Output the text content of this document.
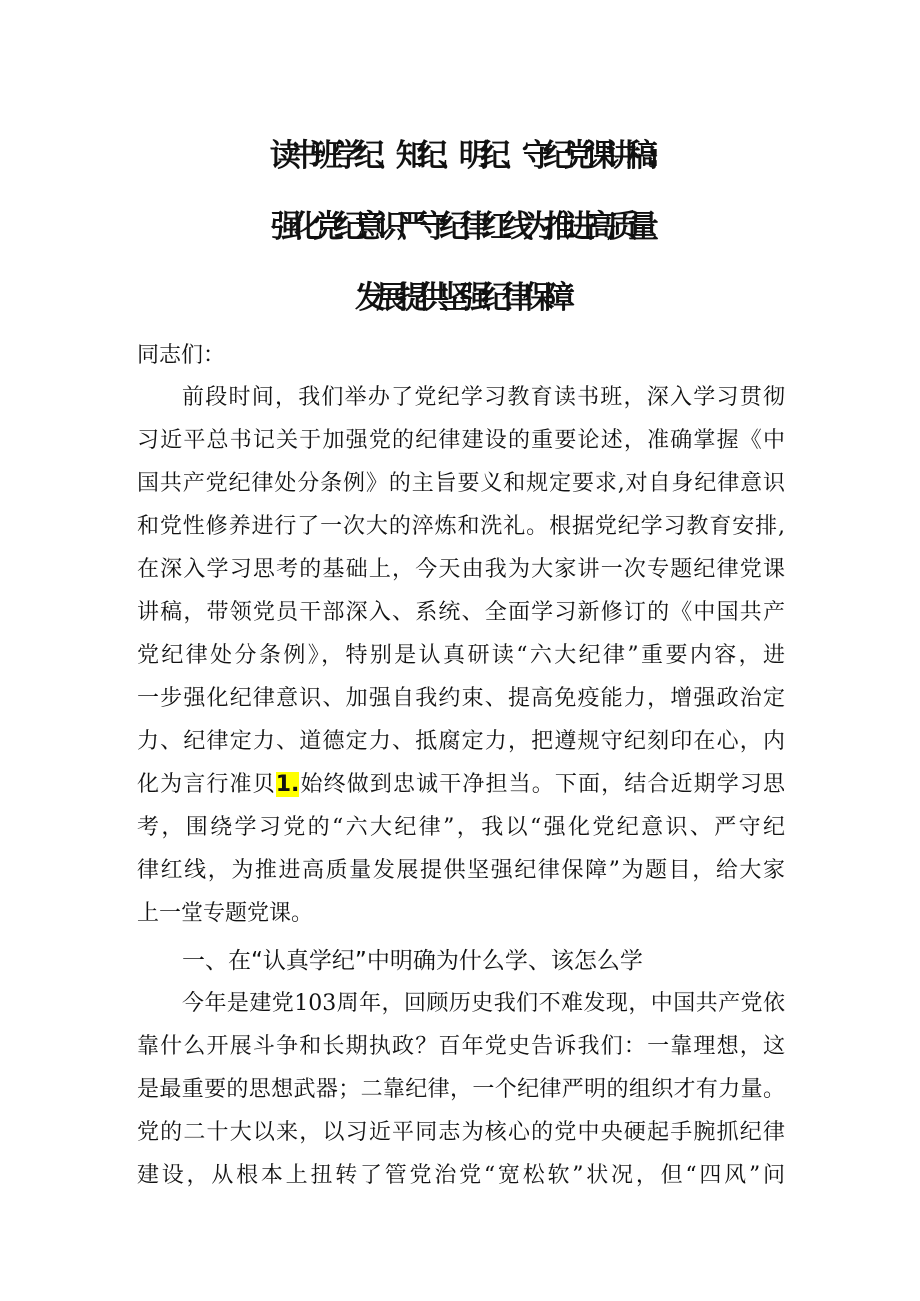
读书班学纪、知纪、明纪、守纪党课讲稿:
强化党纪意识严守纪律红线为推进高质量
发展提供坚强纪律保障
同志们：
前段时间，我们举办了党纪学习教育读书班，深入学习贯彻
习近平总书记关于加强党的纪律建设的重要论述，准确掌握《中
国共产党纪律处分条例》的主旨要义和规定要求,对自身纪律意识
和党性修养进行了一次大的淬炼和洗礼。根据党纪学习教育安排,
在深入学习思考的基础上，今天由我为大家讲一次专题纪律党课
讲稿，带领党员干部深入、系统、全面学习新修订的《中国共产
党纪律处分条例》，特别是认真研读“六大纪律”重要内容，进
一步强化纪律意识、加强自我约束、提高免疫能力，增强政治定
力、纪律定力、道德定力、抵腐定力，把遵规守纪刻印在心，内
化为言行准贝1.始终做到忠诚干净担当。下面，结合近期学习思
考，围绕学习党的“六大纪律”，我以“强化党纪意识、严守纪
律红线，为推进高质量发展提供坚强纪律保障”为题目，给大家
上一堂专题党课。
一、在“认真学纪”中明确为什么学、该怎么学
今年是建党103周年，回顾历史我们不难发现，中国共产党依
靠什么开展斗争和长期执政？百年党史告诉我们：一靠理想，这
是最重要的思想武器；二靠纪律，一个纪律严明的组织才有力量。
党的二十大以来，以习近平同志为核心的党中央硬起手腕抓纪律
建设，从根本上扭转了管党治党“宽松软”状况，但“四风”问
